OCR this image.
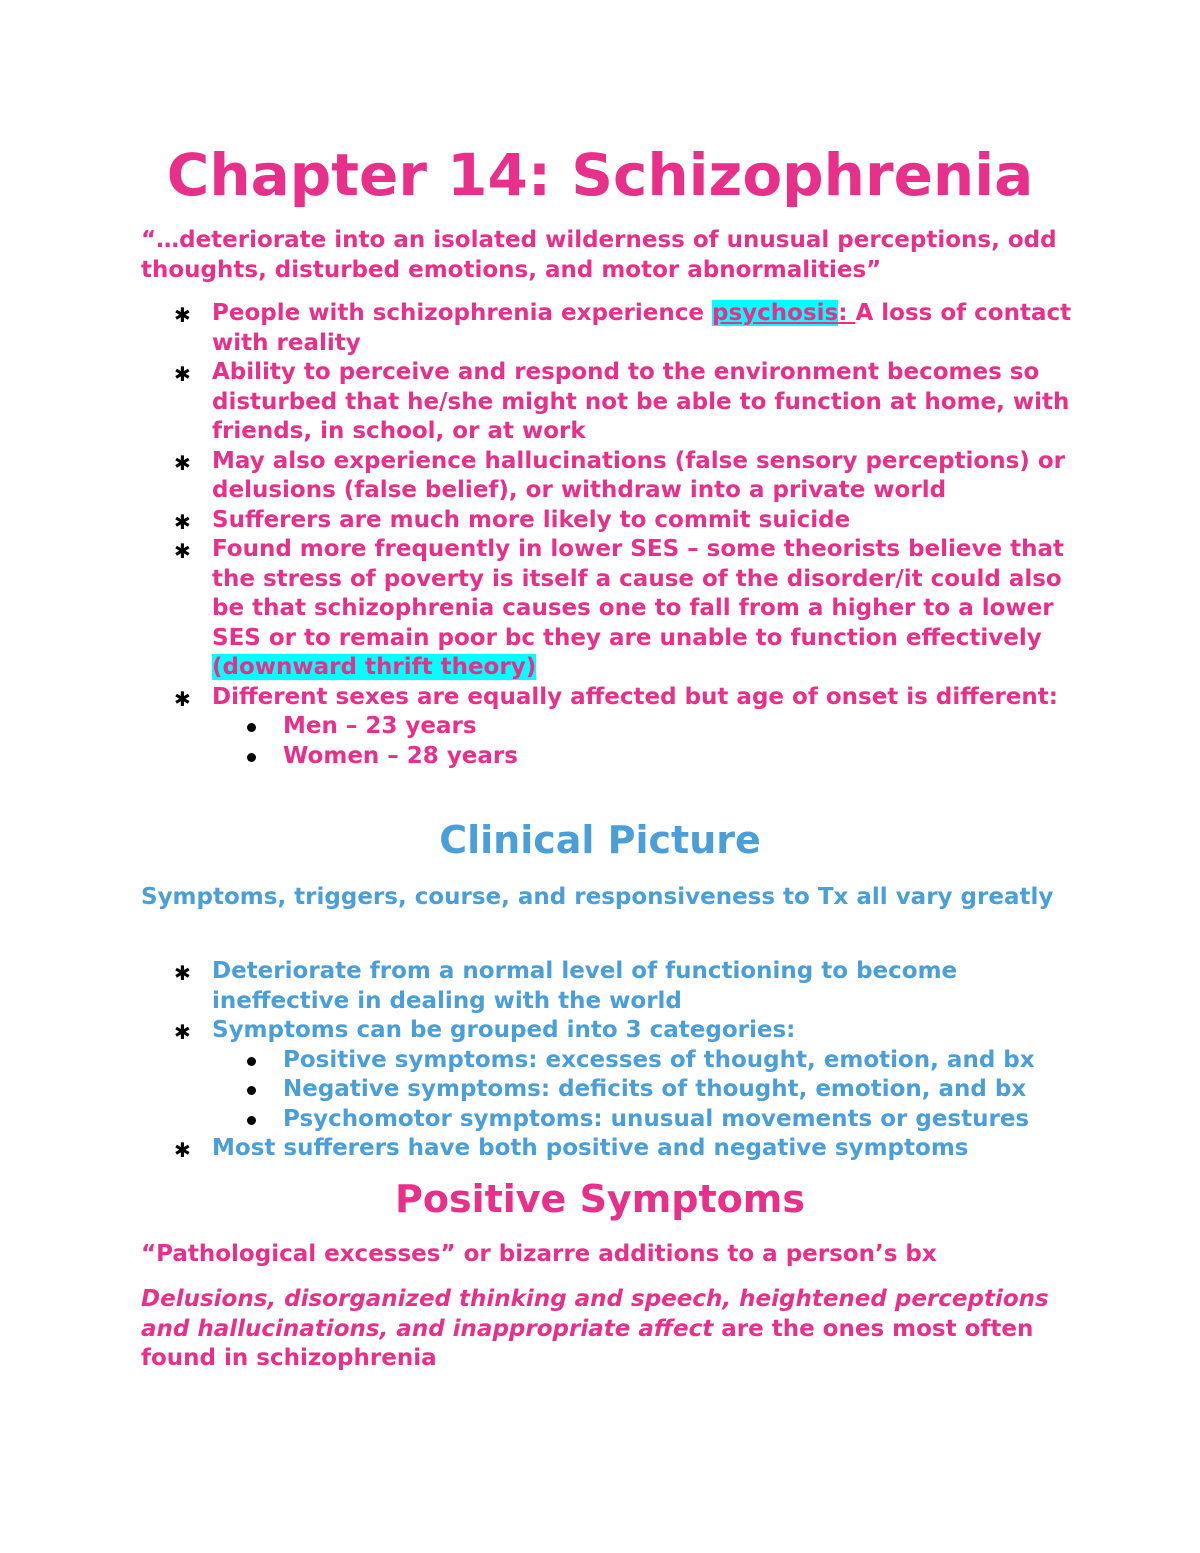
Chapter 14: Schizophrenia

“…deteriorate into an isolated wilderness of unusual perceptions, odd thoughts, disturbed emotions, and motor abnormalities”

✱ People with schizophrenia experience psychosis: A loss of contact with reality
✱ Ability to perceive and respond to the environment becomes so disturbed that he/she might not be able to function at home, with friends, in school, or at work
✱ May also experience hallucinations (false sensory perceptions) or delusions (false belief), or withdraw into a private world
✱ Sufferers are much more likely to commit suicide
✱ Found more frequently in lower SES – some theorists believe that the stress of poverty is itself a cause of the disorder/it could also be that schizophrenia causes one to fall from a higher to a lower SES or to remain poor bc they are unable to function effectively (downward thrift theory)
✱ Different sexes are equally affected but age of onset is different:
Men – 23 years
Women – 28 years
Clinical Picture

Symptoms, triggers, course, and responsiveness to Tx all vary greatly

✱ Deteriorate from a normal level of functioning to become ineffective in dealing with the world
✱ Symptoms can be grouped into 3 categories:
Positive symptoms: excesses of thought, emotion, and bx
Negative symptoms: deficits of thought, emotion, and bx
Psychomotor symptoms: unusual movements or gestures
✱ Most sufferers have both positive and negative symptoms
Positive Symptoms

“Pathological excesses” or bizarre additions to a person’s bx

Delusions, disorganized thinking and speech, heightened perceptions and hallucinations, and inappropriate affect are the ones most often found in schizophrenia
